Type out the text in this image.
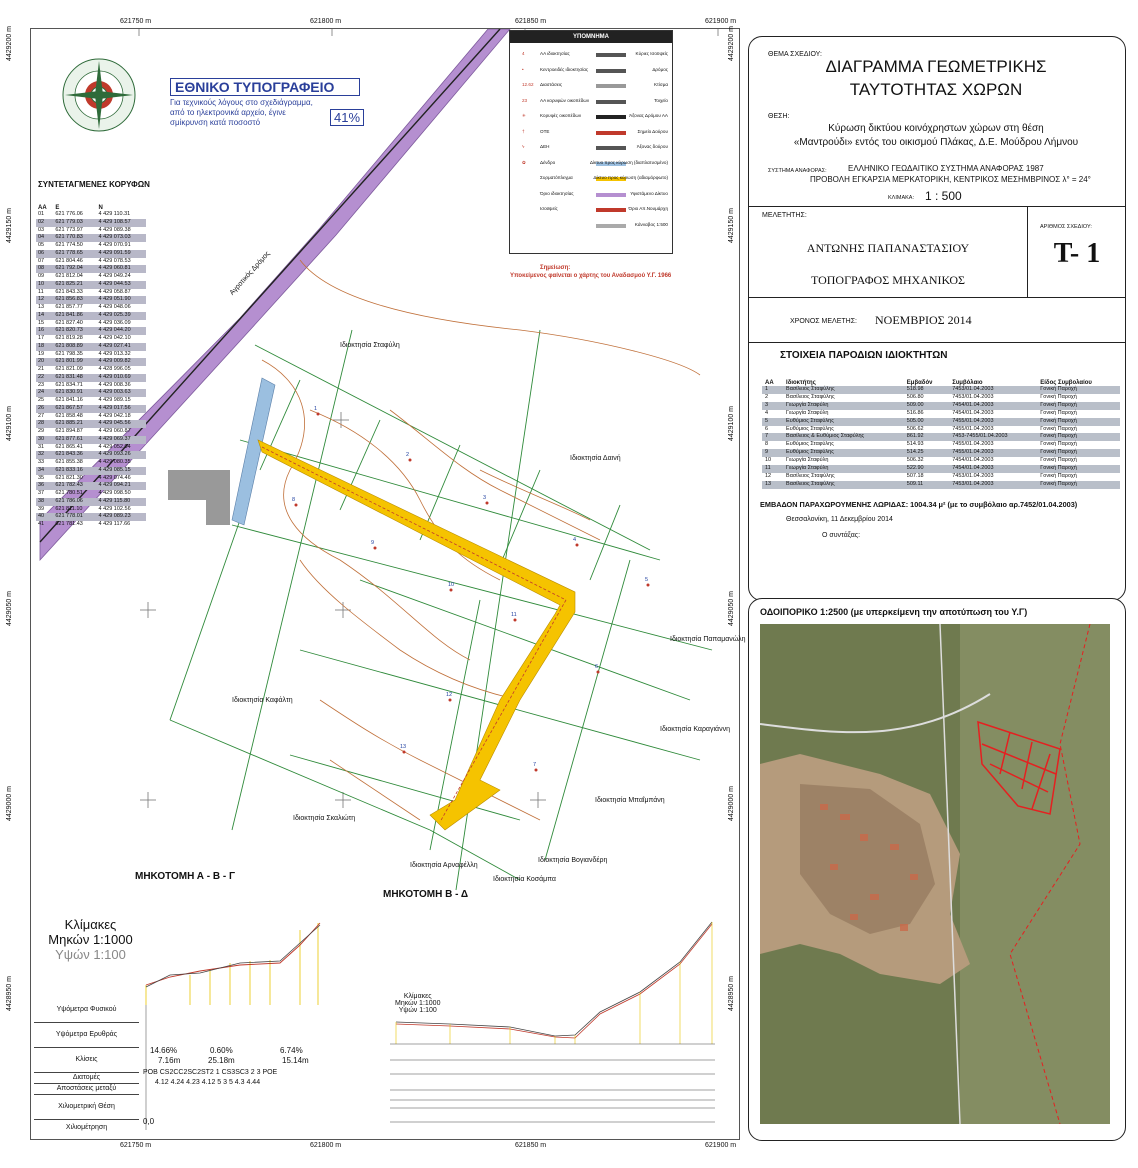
621750 m	621800 m	621850 m	621900 m
621750 m	621800 m	621850 m	621900 m
4429200 m
4429150 m
4429100 m
4429050 m
4429000 m
4428950 m
4429200 m
4429150 m
4429100 m
4429050 m
4429000 m
4428950 m
ΕΘΝΙΚΟ ΤΥΠΟΓΡΑΦΕΙΟ
Για τεχνικούς λόγους στο σχεδιάγραμμα,
από το ηλεκτρονικά αρχείο, έγινε
σμίκρυνση κατά ποσοστό	41%
ΣΥΝΤΕΤΑΓΜΕΝΕΣ ΚΟΡΥΦΩΝ
ΑΑ	Ε	Ν
01	621 776.06	4 429 110.31
02	621 779.03	4 429 108.57
03	621 773.97	4 429 089.38
04	621 770.83	4 429 073.03
05	621 774.50	4 429 070.91
06	621 778.65	4 429 091.59
07	621 804.46	4 429 078.53
08	621 792.04	4 429 060.81
09	621 812.04	4 429 049.24
10	621 825.21	4 429 044.53
11	621 843.33	4 429 058.87
12	621 856.83	4 429 051.90
13	621 857.77	4 429 048.06
14	621 841.86	4 429 025.39
15	621 827.40	4 429 036.09
16	621 820.73	4 429 044.20
17	621 819.28	4 429 042.10
18	621 808.89	4 429 027.41
19	621 798.35	4 429 013.32
20	621 801.99	4 429 009.82
21	621 821.09	4 428 996.05
22	621 831.48	4 429 010.69
23	621 834.71	4 429 008.36
24	621 830.91	4 429 003.63
25	621 841.16	4 429 989.15
26	621 867.57	4 429 017.56
27	621 858.48	4 429 042.18
28	621 885.21	4 429 045.56
29	621 894.87	4 429 060.87
30	621 877.61	4 429 069.37
31	621 865.41	4 429 052.04
32	621 843.36	4 429 093.26
33	621 855.38	4 429 080.35
34	621 833.16	4 429 085.15
35	621 821.30	4 429 074.46
36	621 782.43	4 429 094.21
37	621 780.51	4 429 098.50
38	621 786.06	4 429 115.80
39	621 811.10	4 429 102.56
40	621 778.01	4 429 089.23
41	621 781.43	4 429 117.66
ΥΠΟΜΝΗΜΑ
4	ΑΑ ιδιοκτησίας
•	Κεντροειδές ιδιοκτησίας
12.62 Διαστάσεις
23	ΑΑ κορυφών οικοπέδων
✳	Κορυφές οικοπέδων
†	ΟΤΕ
ϟ	ΔΕΗ
✿	Δένδρο
Συρματόπλεγμα
Όριο ιδιοκτησίας
Ισοϋψείς
Κύριες Ισοϋψείς
Δρόμος
Κτίσμα
Τοιχείο
Άξονας Δρόμου ΑΑ
Σημείο Δούρου
Άξονας δούρου
Δίκτυο προς κύρωση (διαπλατυσμένο)
Δίκτυο προς κύρωση (αδιαμόρφωτο)
Υφιστάμενο Δίκτυο
Όριο Απ.Νουμάρχη
Κάνναβος 1:500
Σημείωση:
Υποκείμενος φαίνεται ο χάρτης του Αναδασμού Υ.Γ. 1966
Αγροτικός Δρόμος
Ιδιοκτησία Σταφύλη
Ιδιοκτησία Δαινή
Ιδιοκτησία Παπαμανώλη
Ιδιοκτησία Καραγιάννη
Ιδιοκτησία Μπαΐμπάνη
Ιδιοκτησία Καφάλτη
Ιδιοκτησία Σκαλιώτη
Ιδιοκτησία Αρναφέλλη
Ιδιοκτησία Κοσάμπα
Ιδιοκτησία Βογιανδέρη
1
2
3
4
5
6
7
8
9
10
11
12
13
ΜΗΚΟΤΟΜΗ Α - Β - Γ
ΜΗΚΟΤΟΜΗ Β - Δ
Κλίμακες
Μηκών 1:1000
Υψών 1:100
Υψόμετρα Φυσικού
Υψόμετρα Ερυθράς
Κλίσεις
Διατομές
Αποστάσεις μεταξύ
Χιλιομετρική Θέση
Χιλιομέτρηση
14.66%	0.60%	6.74%
7.16m	25.18m	15.14m
POB CS2CC2SC2ST2 1 CS3SC3 2 3 POE
4.12 4.24 4.23 4.12 5 3 5 4.3 4.44
0,0
Κλίμακες
Μηκών 1:1000
Υψών 1:100
ΘΕΜΑ ΣΧΕΔΙΟΥ:
ΔΙΑΓΡΑΜΜΑ ΓΕΩΜΕΤΡΙΚΗΣ
ΤΑΥΤΟΤΗΤΑΣ ΧΩΡΩΝ
ΘΕΣΗ:
Κύρωση δικτύου κοινόχρηστων χώρων στη θέση
«Μαντρούδι» εντός του οικισμού Πλάκας, Δ.Ε. Μούδρου Λήμνου
ΣΥΣΤΗΜΑ ΑΝΑΦΟΡΑΣ:	ΕΛΛΗΝΙΚΟ ΓΕΩΔΑΙΤΙΚΟ ΣΥΣΤΗΜΑ ΑΝΑΦΟΡΑΣ 1987
ΠΡΟΒΟΛΗ ΕΓΚΑΡΣΙΑ ΜΕΡΚΑΤΟΡΙΚΗ, ΚΕΝΤΡΙΚΟΣ ΜΕΣΗΜΒΡΙΝΟΣ λ° = 24°
ΚΛΙΜΑΚΑ: 1 : 500
ΜΕΛΕΤΗΤΗΣ:
ΑΝΤΩΝΗΣ ΠΑΠΑΝΑΣΤΑΣΙΟΥ
ΤΟΠΟΓΡΑΦΟΣ ΜΗΧΑΝΙΚΟΣ
ΑΡΙΘΜΟΣ ΣΧΕΔΙΟΥ:
Τ- 1
ΧΡΟΝΟΣ ΜΕΛΕΤΗΣ: ΝΟΕΜΒΡΙΟΣ 2014
ΣΤΟΙΧΕΙΑ ΠΑΡΟΔΙΩΝ ΙΔΙΟΚΤΗΤΩΝ
ΑΑ	Ιδιοκτήτης	Εμβαδόν	Συμβόλαιο	Είδος Συμβολαίου
1	Βασίλειος Σταφύλης	518.98	7453/01.04.2003	Γονική Παροχή
2	Βασίλειος Σταφύλης	506.80	7453/01.04.2003	Γονική Παροχή
3	Γεωργία Σταφύλη	509.00	7454/01.04.2003	Γονική Παροχή
4	Γεωργία Σταφύλη	516.86	7454/01.04.2003	Γονική Παροχή
5	Ευθύμιος Σταφύλης	505.00	7455/01.04.2003	Γονική Παροχή
6	Ευθύμιος Σταφύλης	506.62	7455/01.04.2003	Γονική Παροχή
7	Βασίλειος & Ευθύμιος Σταφύλης	861.92	7453-7455/01.04.2003	Γονική Παροχή
8	Ευθύμιος Σταφύλης	514.93	7455/01.04.2003	Γονική Παροχή
9	Ευθύμιος Σταφύλης	514.25	7455/01.04.2003	Γονική Παροχή
10	Γεωργία Σταφύλη	506.32	7454/01.04.2003	Γονική Παροχή
11	Γεωργία Σταφύλη	522.90	7454/01.04.2003	Γονική Παροχή
12	Βασίλειος Σταφύλης	507.18	7453/01.04.2003	Γονική Παροχή
13	Βασίλειος Σταφύλης	509.11	7453/01.04.2003	Γονική Παροχή
ΕΜΒΑΔΟΝ ΠΑΡΑΧΩΡΟΥΜΕΝΗΣ ΛΩΡΙΔΑΣ: 1004.34 μ² (με το συμβόλαιο αρ.7452/01.04.2003)
Θεσσαλονίκη, 11 Δεκεμβρίου 2014
Ο συντάξας:
ΟΔΟΙΠΟΡΙΚΟ 1:2500 (με υπερκείμενη την αποτύπωση του Υ.Γ)
